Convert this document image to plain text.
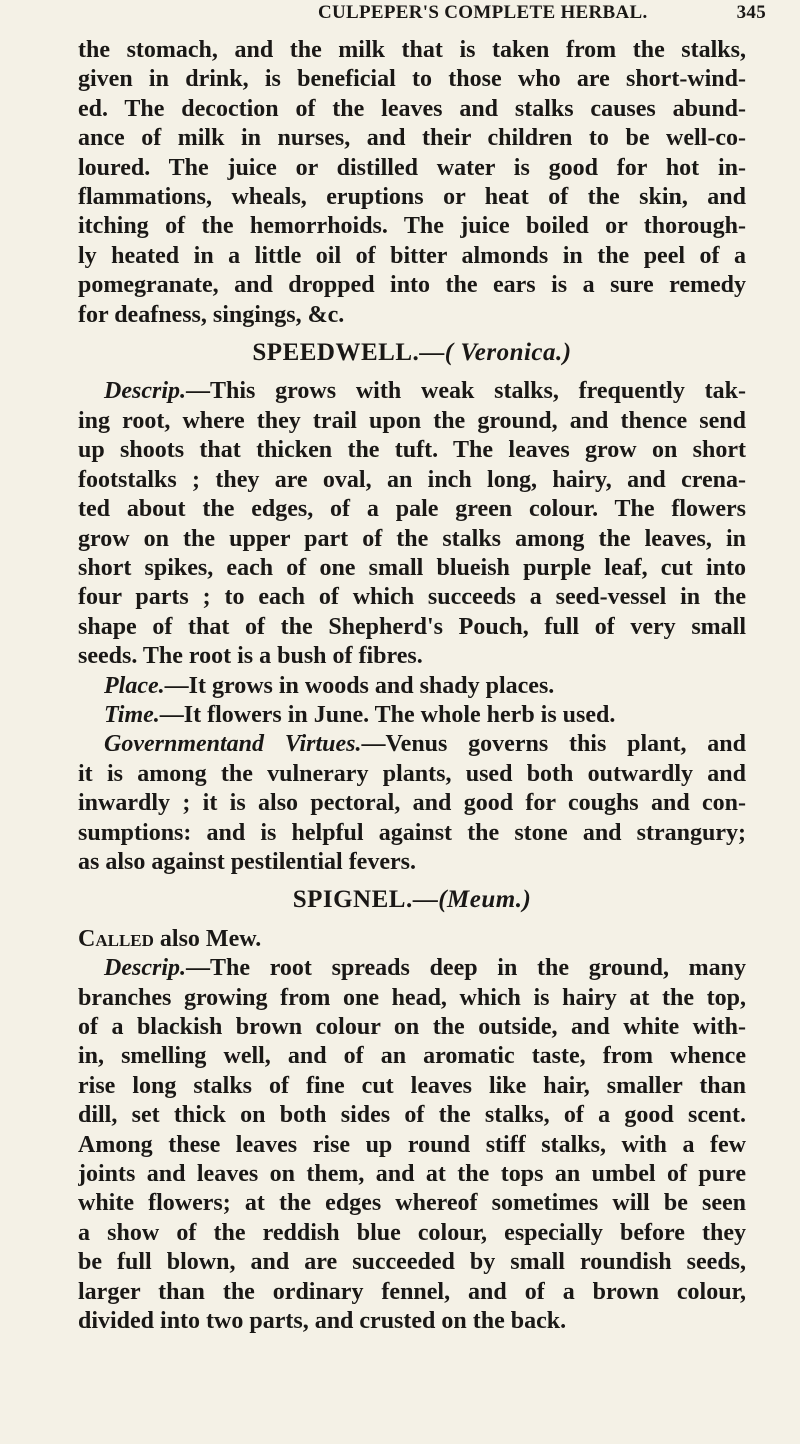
CULPEPER'S COMPLETE HERBAL.	345
the stomach, and the milk that is taken from the stalks,
given in drink, is beneficial to those who are short-wind-
ed. The decoction of the leaves and stalks causes abund-
ance of milk in nurses, and their children to be well-co-
loured. The juice or distilled water is good for hot in-
flammations, wheals, eruptions or heat of the skin, and
itching of the hemorrhoids. The juice boiled or thorough-
ly heated in a little oil of bitter almonds in the peel of a
pomegranate, and dropped into the ears is a sure remedy
for deafness, singings, &c.
SPEEDWELL.—( Veronica.)
Descrip.—This grows with weak stalks, frequently tak-
ing root, where they trail upon the ground, and thence send
up shoots that thicken the tuft. The leaves grow on short
footstalks ; they are oval, an inch long, hairy, and crena-
ted about the edges, of a pale green colour. The flowers
grow on the upper part of the stalks among the leaves, in
short spikes, each of one small blueish purple leaf, cut into
four parts ; to each of which succeeds a seed-vessel in the
shape of that of the Shepherd's Pouch, full of very small
seeds. The root is a bush of fibres.
Place.—It grows in woods and shady places.
Time.—It flowers in June. The whole herb is used.
Governmentand Virtues.—Venus governs this plant, and
it is among the vulnerary plants, used both outwardly and
inwardly ; it is also pectoral, and good for coughs and con-
sumptions: and is helpful against the stone and strangury;
as also against pestilential fevers.
SPIGNEL.—(Meum.)
Called also Mew.
Descrip.—The root spreads deep in the ground, many
branches growing from one head, which is hairy at the top,
of a blackish brown colour on the outside, and white with-
in, smelling well, and of an aromatic taste, from whence
rise long stalks of fine cut leaves like hair, smaller than
dill, set thick on both sides of the stalks, of a good scent.
Among these leaves rise up round stiff stalks, with a few
joints and leaves on them, and at the tops an umbel of pure
white flowers; at the edges whereof sometimes will be seen
a show of the reddish blue colour, especially before they
be full blown, and are succeeded by small roundish seeds,
larger than the ordinary fennel, and of a brown colour,
divided into two parts, and crusted on the back.
